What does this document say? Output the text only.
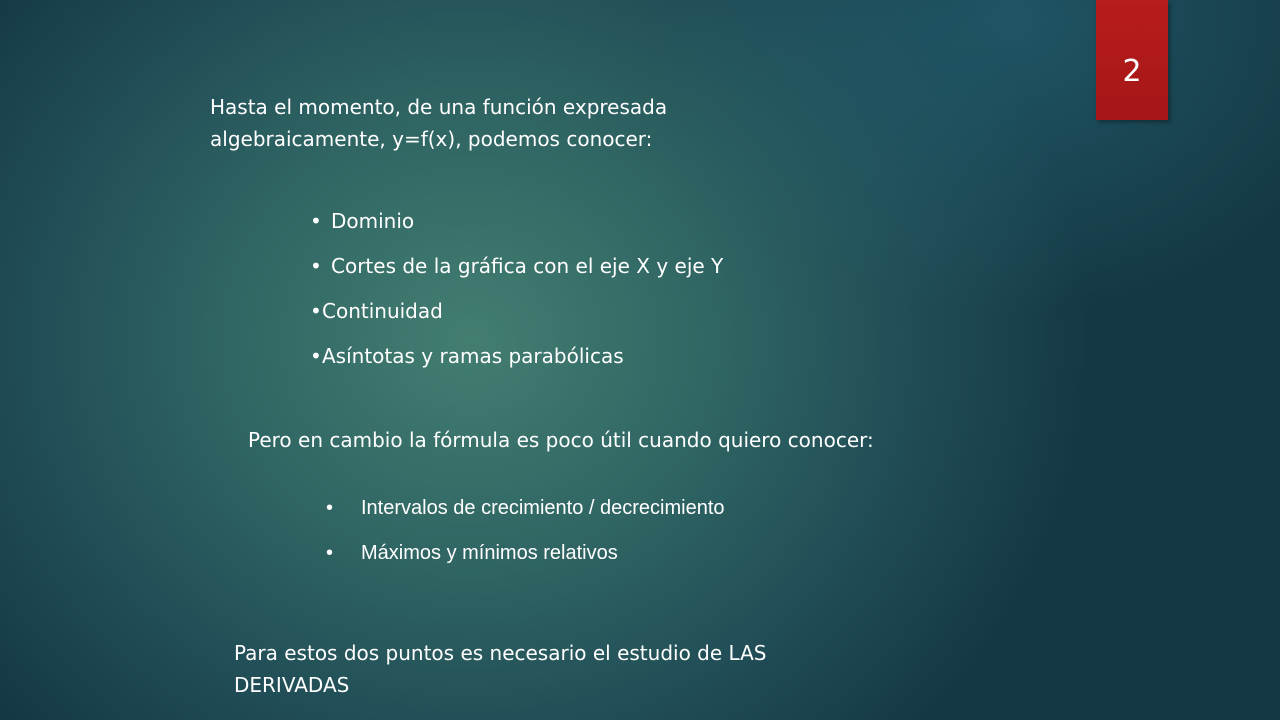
2
Hasta el momento, de una función expresada algebraicamente, y=f(x), podemos conocer:
• Dominio
• Cortes de la gráfica con el eje X y eje Y
•Continuidad
•Asíntotas y ramas parabólicas
Pero en cambio la fórmula es poco útil cuando quiero conocer:
• Intervalos de crecimiento / decrecimiento
• Máximos y mínimos relativos
Para estos dos puntos es necesario el estudio de LAS DERIVADAS
